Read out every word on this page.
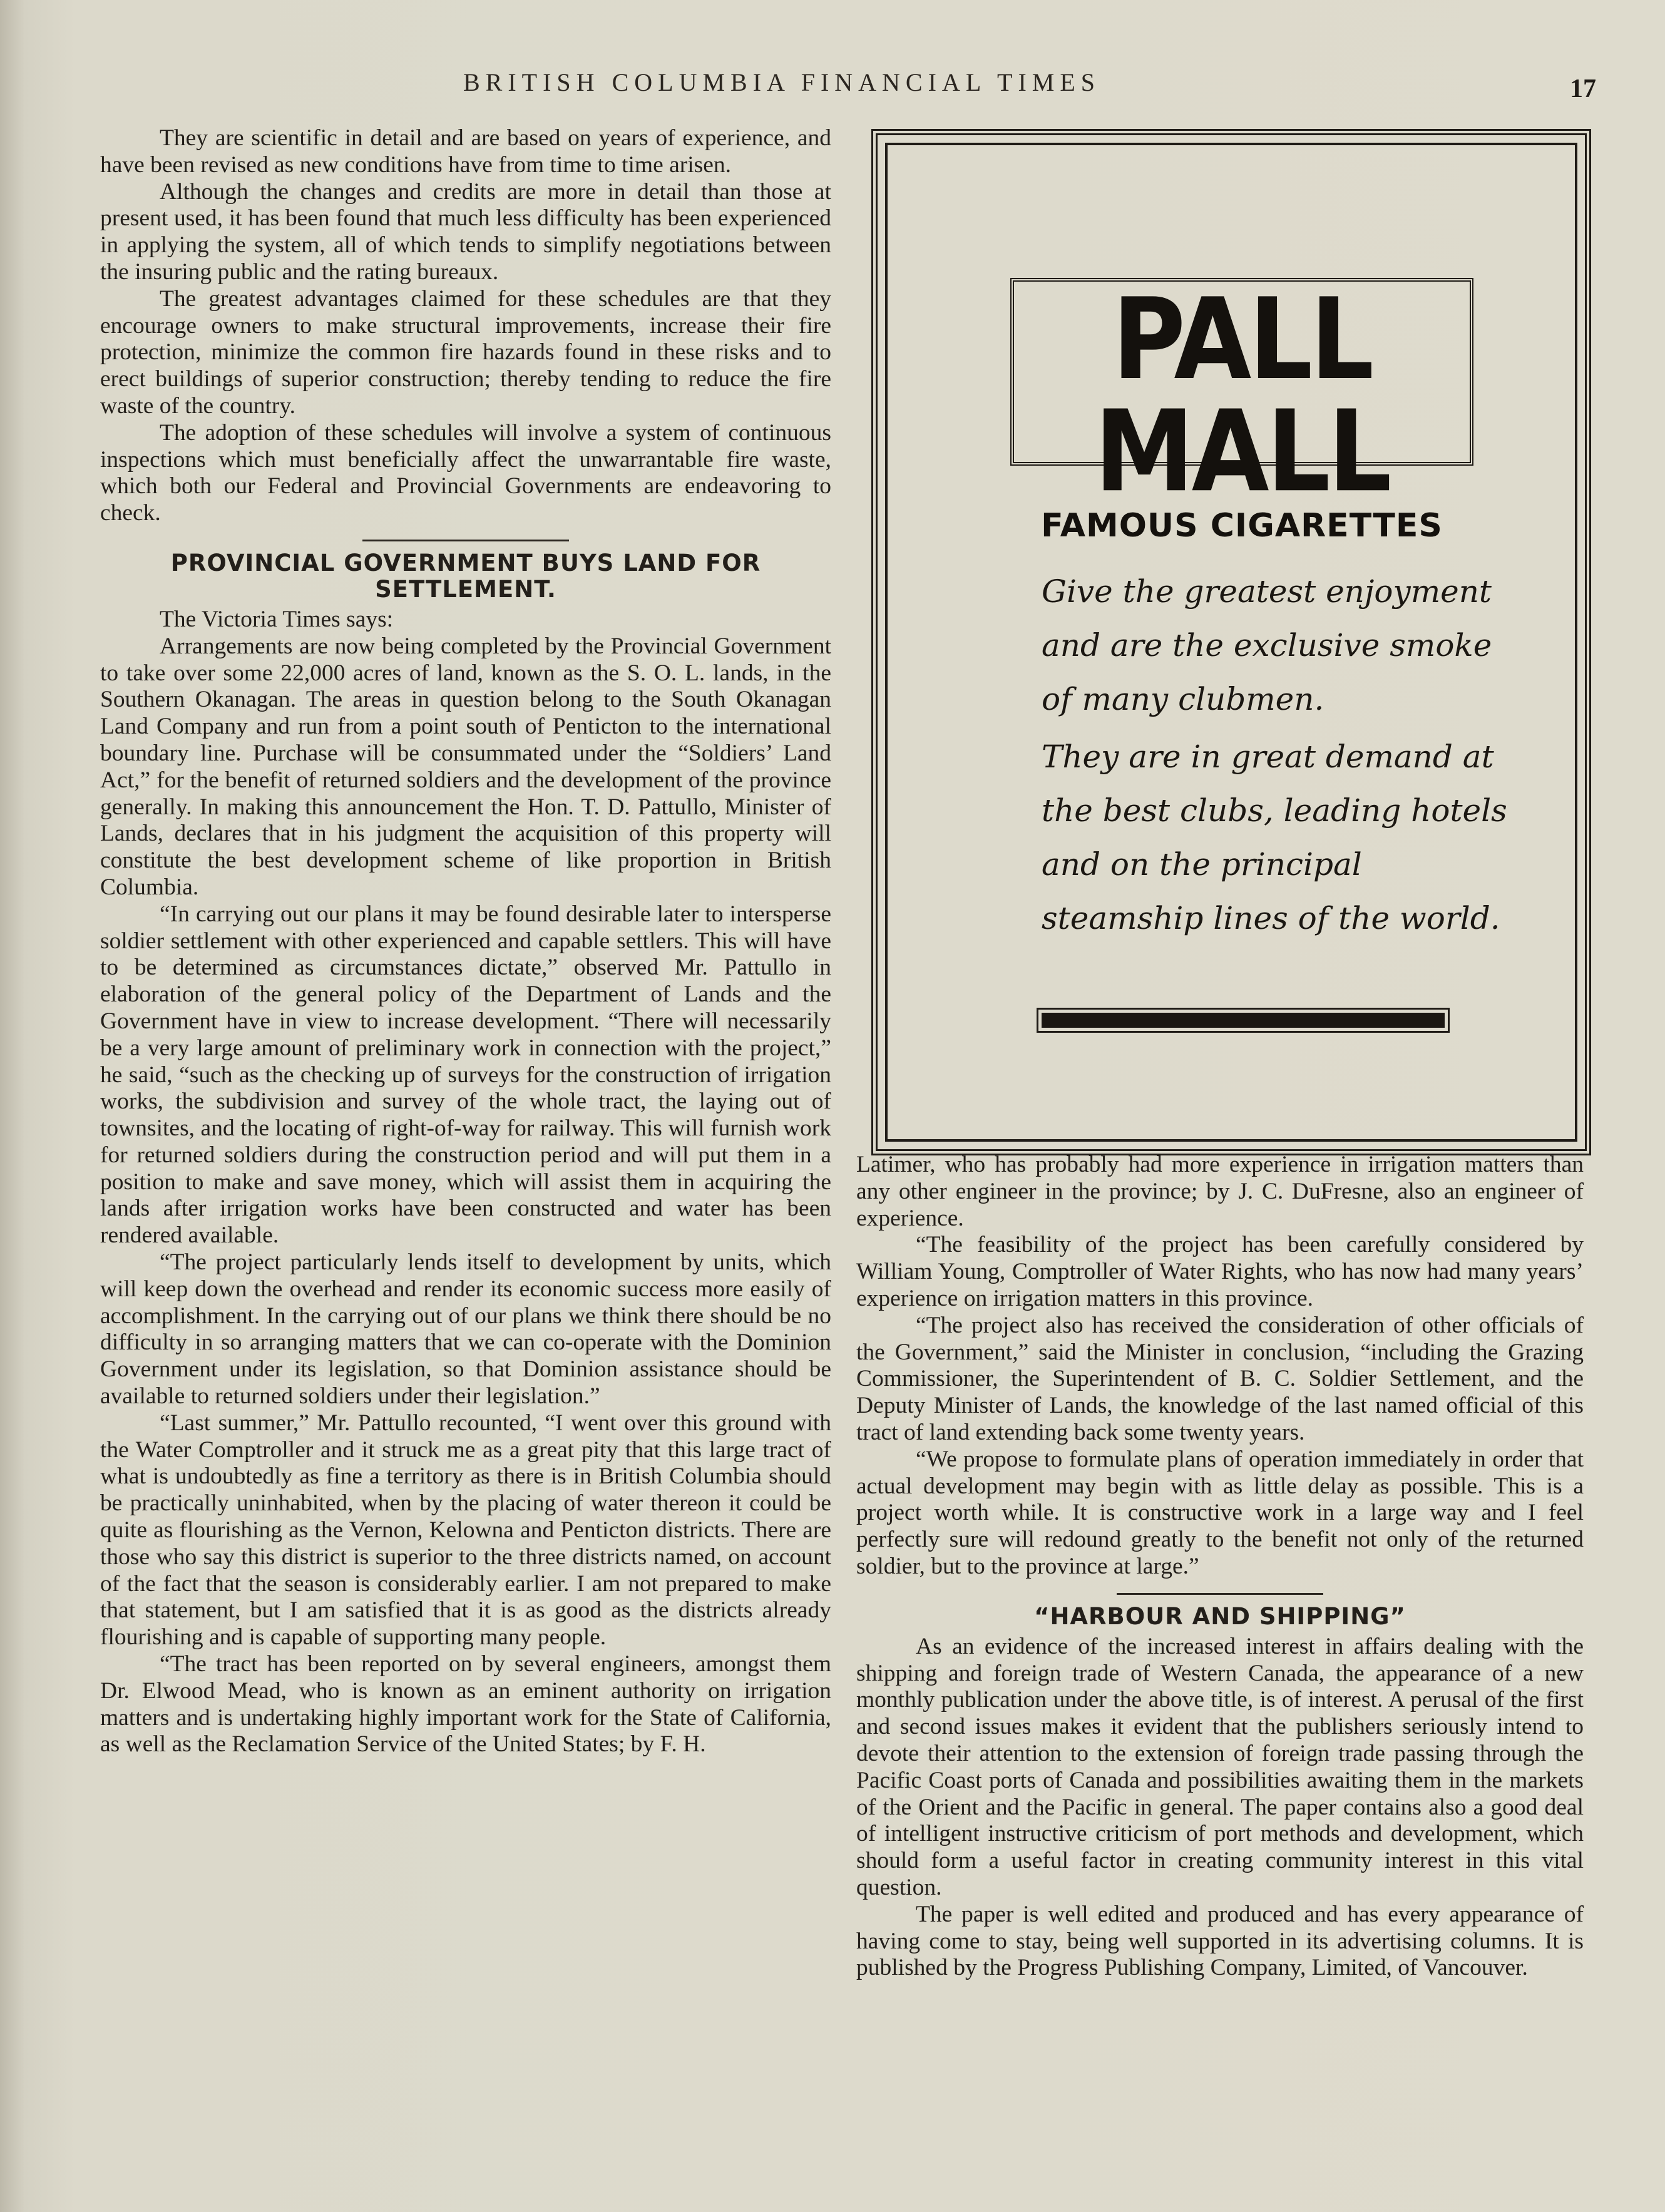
BRITISH COLUMBIA FINANCIAL TIMES	17

They are scientific in detail and are based on years of experience, and have been revised as new conditions have from time to time arisen.

Although the changes and credits are more in detail than those at present used, it has been found that much less difficulty has been experienced in applying the system, all of which tends to simplify negotiations between the insuring public and the rating bureaux.

The greatest advantages claimed for these schedules are that they encourage owners to make structural improvements, increase their fire protection, minimize the common fire hazards found in these risks and to erect buildings of superior construction; thereby tending to reduce the fire waste of the country.

The adoption of these schedules will involve a system of continuous inspections which must beneficially affect the unwarrantable fire waste, which both our Federal and Provincial Governments are endeavoring to check.

PROVINCIAL GOVERNMENT BUYS LAND FOR SETTLEMENT.

The Victoria Times says:

Arrangements are now being completed by the Provincial Government to take over some 22,000 acres of land, known as the S. O. L. lands, in the Southern Okanagan. The areas in question belong to the South Okanagan Land Company and run from a point south of Penticton to the international boundary line. Purchase will be consummated under the “Soldiers’ Land Act,” for the benefit of returned soldiers and the development of the province generally. In making this announcement the Hon. T. D. Pattullo, Minister of Lands, declares that in his judgment the acquisition of this property will constitute the best development scheme of like proportion in British Columbia.

“In carrying out our plans it may be found desirable later to intersperse soldier settlement with other experienced and capable settlers. This will have to be determined as circumstances dictate,” observed Mr. Pattullo in elaboration of the general policy of the Department of Lands and the Government have in view to increase development. “There will necessarily be a very large amount of preliminary work in connection with the project,” he said, “such as the checking up of surveys for the construction of irrigation works, the subdivision and survey of the whole tract, the laying out of townsites, and the locating of right-of-way for railway. This will furnish work for returned soldiers during the construction period and will put them in a position to make and save money, which will assist them in acquiring the lands after irrigation works have been constructed and water has been rendered available.

“The project particularly lends itself to development by units, which will keep down the overhead and render its economic success more easily of accomplishment. In the carrying out of our plans we think there should be no difficulty in so arranging matters that we can co-operate with the Dominion Government under its legislation, so that Dominion assistance should be available to returned soldiers under their legislation.”

“Last summer,” Mr. Pattullo recounted, “I went over this ground with the Water Comptroller and it struck me as a great pity that this large tract of what is undoubtedly as fine a territory as there is in British Columbia should be practically uninhabited, when by the placing of water thereon it could be quite as flourishing as the Vernon, Kelowna and Penticton districts. There are those who say this district is superior to the three districts named, on account of the fact that the season is considerably earlier. I am not prepared to make that statement, but I am satisfied that it is as good as the districts already flourishing and is capable of supporting many people.

“The tract has been reported on by several engineers, amongst them Dr. Elwood Mead, who is known as an eminent authority on irrigation matters and is undertaking highly important work for the State of California, as well as the Reclamation Service of the United States; by F. H.

PALL MALL
FAMOUS CIGARETTES
Give the greatest enjoyment and are the exclusive smoke of many clubmen.
They are in great demand at the best clubs, leading hotels and on the principal steamship lines of the world.

Latimer, who has probably had more experience in irrigation matters than any other engineer in the province; by J. C. DuFresne, also an engineer of experience.

“The feasibility of the project has been carefully considered by William Young, Comptroller of Water Rights, who has now had many years’ experience on irrigation matters in this province.

“The project also has received the consideration of other officials of the Government,” said the Minister in conclusion, “including the Grazing Commissioner, the Superintendent of B. C. Soldier Settlement, and the Deputy Minister of Lands, the knowledge of the last named official of this tract of land extending back some twenty years.

“We propose to formulate plans of operation immediately in order that actual development may begin with as little delay as possible. This is a project worth while. It is constructive work in a large way and I feel perfectly sure will redound greatly to the benefit not only of the returned soldier, but to the province at large.”

“HARBOUR AND SHIPPING”

As an evidence of the increased interest in affairs dealing with the shipping and foreign trade of Western Canada, the appearance of a new monthly publication under the above title, is of interest. A perusal of the first and second issues makes it evident that the publishers seriously intend to devote their attention to the extension of foreign trade passing through the Pacific Coast ports of Canada and possibilities awaiting them in the markets of the Orient and the Pacific in general. The paper contains also a good deal of intelligent instructive criticism of port methods and development, which should form a useful factor in creating community interest in this vital question.

The paper is well edited and produced and has every appearance of having come to stay, being well supported in its advertising columns. It is published by the Progress Publishing Company, Limited, of Vancouver.
